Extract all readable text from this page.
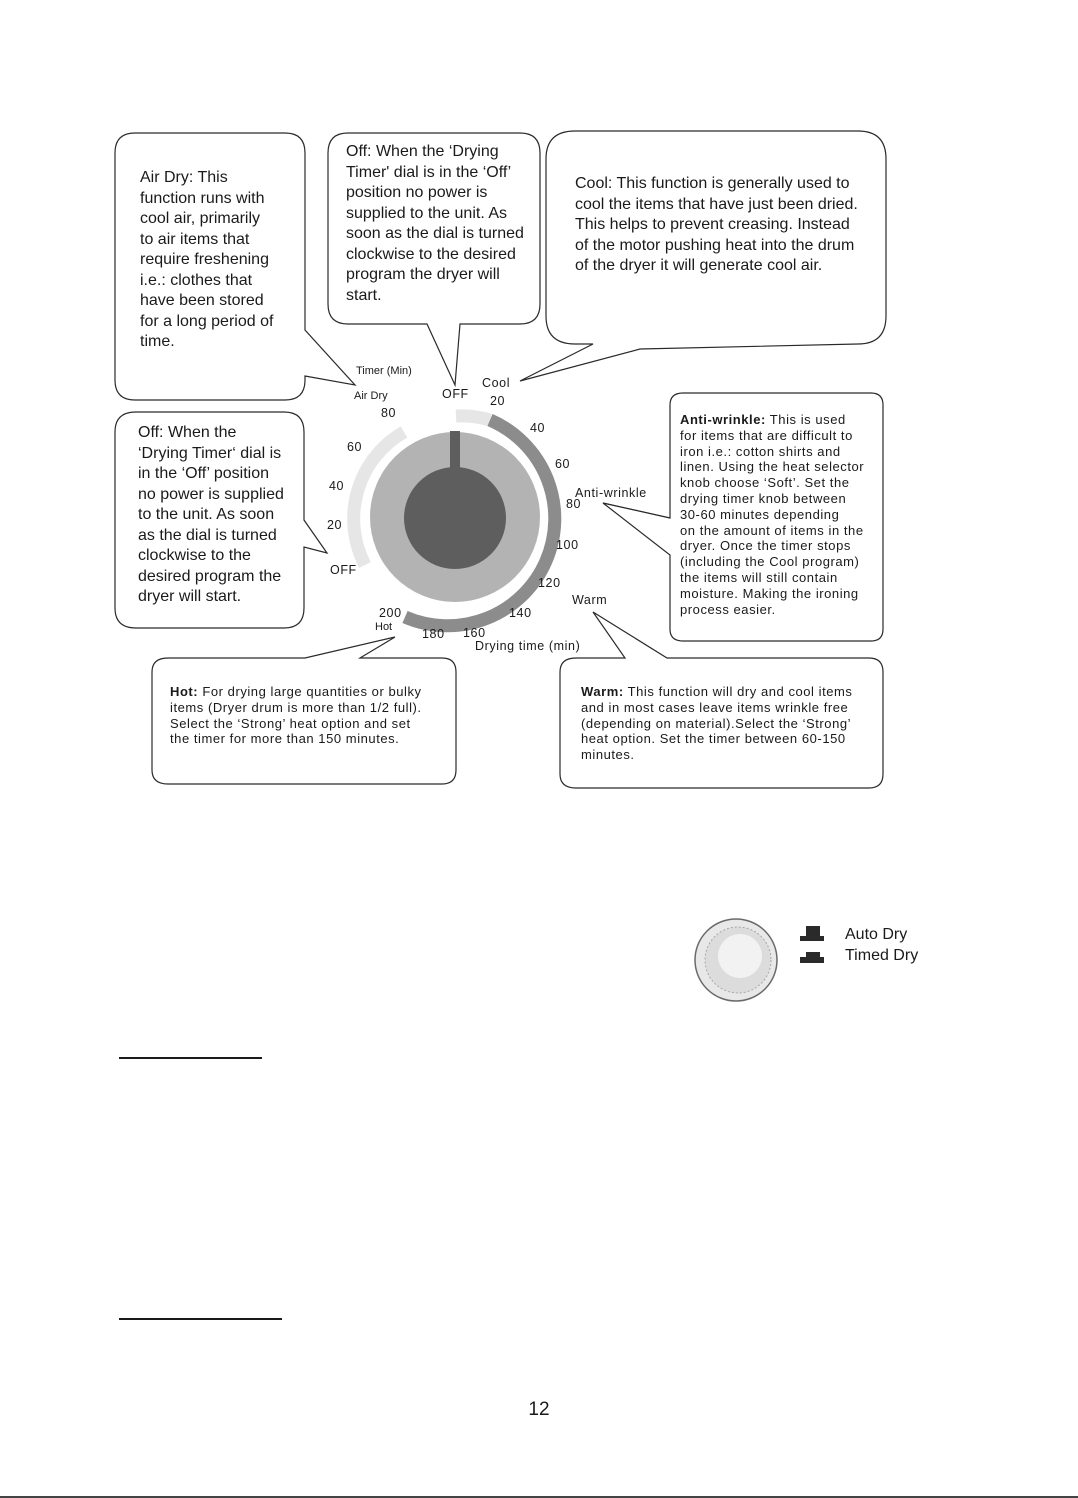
Air Dry: This
function runs with
cool air, primarily
to air items that
require freshening
i.e.: clothes that
have been stored
for a long period of
time.
Off: When the ‘Drying
Timer' dial is in the ‘Off’
position no power is
supplied to the unit. As
soon as the dial is turned
clockwise to the desired
program the dryer will
start.
Cool: This function is generally used to
cool the items that have just been dried.
This helps to prevent creasing. Instead
of the motor pushing heat into the drum
of the dryer it will generate cool air.
Off: When the
‘Drying Timer‘ dial is
in the ‘Off’ position
no power is supplied
to the unit. As soon
as the dial is turned
clockwise to the
desired program the
dryer will start.
Anti-wrinkle: This is used
for items that are difficult to
iron i.e.: cotton shirts and
linen. Using the heat selector
knob choose ‘Soft’. Set the
drying timer knob between
30-60 minutes depending
on the amount of items in the
dryer. Once the timer stops
(including the Cool program)
the items will still contain
moisture. Making the ironing
process easier.
Hot: For drying large quantities or bulky
items (Dryer drum is more than 1/2 full).
Select the ‘Strong’ heat option and set
the timer for more than 150 minutes.
Warm: This function will dry and cool items
and in most cases leave items wrinkle free
(depending on material).Select the ‘Strong’
heat option. Set the timer between 60-150
minutes.
Timer (Min)
Air Dry	OFF
Cool
Anti-wrinkle
Warm
Hot
Drying time (min)
OFF
80
60
40
20
20
40
60
80
100
120
140
160
180
200
Auto Dry
Timed Dry
12
